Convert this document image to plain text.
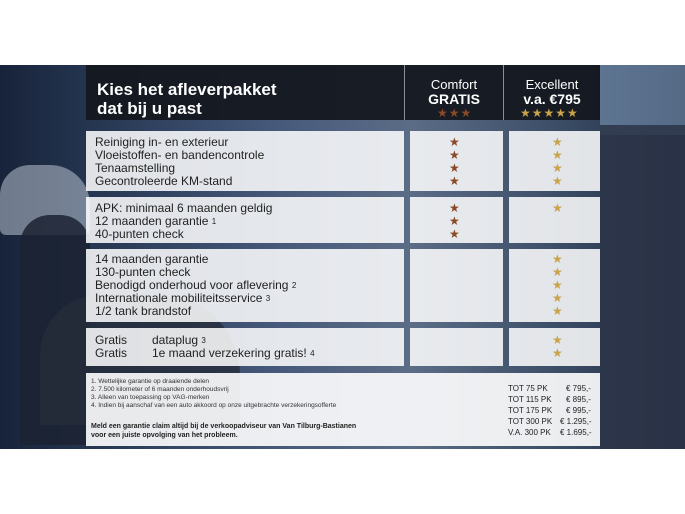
Kies het afleverpakket
dat bij u past
Comfort
GRATIS
★★★
Excellent
v.a. €795
★★★★★
Reiniging in- en exterieur
Vloeistoffen- en bandencontrole
Tenaamstelling
Gecontroleerde KM-stand
★
★
★
★
★
★
★
★
APK: minimaal 6 maanden geldig
12 maanden garantie $^1$
40-punten check
★
★
★
★
14 maanden garantie
130-punten check
Benodigd onderhoud voor aflevering $^2$
Internationale mobiliteitsservice $^3$
1/2 tank brandstof
★
★
★
★
★
Gratis dataplug $^3$
Gratis 1e maand verzekering gratis! $^4$
★
★
1. Wettelijke garantie op draaiende delen
2. 7.500 kilometer of 6 maanden onderhoudsvrij
3. Alleen van toepassing op VAG-merken
4. Indien bij aanschaf van een auto akkoord op onze uitgebrachte verzekeringsofferte
Meld een garantie claim altijd bij de verkoopadviseur van Van Tilburg-Bastianen
voor een juiste opvolging van het probleem.
TOT 75 PK € 795,-
TOT 115 PK € 895,-
TOT 175 PK € 995,-
TOT 300 PK € 1.295,-
V.A. 300 PK € 1.695,-
